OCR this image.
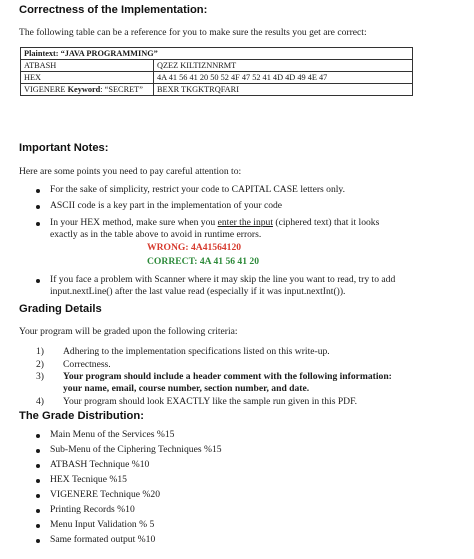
Correctness of the Implementation:
The following table can be a reference for you to make sure the results you get are correct:
Plaintext: “JAVA PROGRAMMING”	
ATBASH	QZEZ KILTIZNNRMT
HEX	4A 41 56 41 20 50 52 4F 47 52 41 4D 4D 49 4E 47
VIGENERE Keyword: “SECRET”	BEXR TKGKTRQFARI
Important Notes:
Here are some points you need to pay careful attention to:
For the sake of simplicity, restrict your code to CAPITAL CASE letters only.
ASCII code is a key part in the implementation of your code
In your HEX method, make sure when you enter the input (ciphered text) that it looks
exactly as in the table above to avoid in runtime errors.
WRONG: 4A41564120
CORRECT: 4A 41 56 41 20
If you face a problem with Scanner where it may skip the line you want to read, try to add
input.nextLine() after the last value read (especially if it was input.nextInt()).
Grading Details
Your program will be graded upon the following criteria:
1) Adhering to the implementation specifications listed on this write-up.
2) Correctness.
3) Your program should include a header comment with the following information:
your name, email, course number, section number, and date.
4) Your program should look EXACTLY like the sample run given in this PDF.
The Grade Distribution:
Main Menu of the Services %15
Sub-Menu of the Ciphering Techniques %15
ATBASH Technique %10
HEX Tecnique %15
VIGENERE Technique %20
Printing Records %10
Menu Input Validation % 5
Same formated output %10
